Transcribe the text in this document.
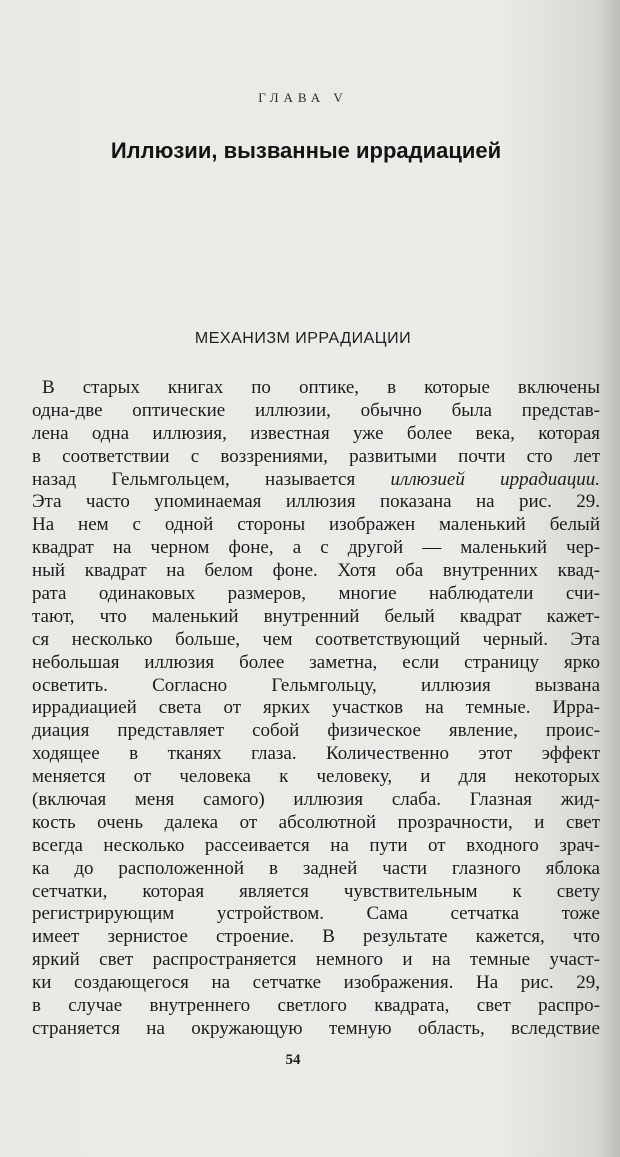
ГЛАВА V
Иллюзии, вызванные иррадиацией
МЕХАНИЗМ ИРРАДИАЦИИ
В старых книгах по оптике, в которые включены
одна-две оптические иллюзии, обычно была представ-
лена одна иллюзия, известная уже более века, которая
в соответствии с воззрениями, развитыми почти сто лет
назад Гельмгольцем, называется иллюзией иррадиации.
Эта часто упоминаемая иллюзия показана на рис. 29.
На нем с одной стороны изображен маленький белый
квадрат на черном фоне, а с другой — маленький чер-
ный квадрат на белом фоне. Хотя оба внутренних квад-
рата одинаковых размеров, многие наблюдатели счи-
тают, что маленький внутренний белый квадрат кажет-
ся несколько больше, чем соответствующий черный. Эта
небольшая иллюзия более заметна, если страницу ярко
осветить. Согласно Гельмгольцу, иллюзия вызвана
иррадиацией света от ярких участков на темные. Ирра-
диация представляет собой физическое явление, проис-
ходящее в тканях глаза. Количественно этот эффект
меняется от человека к человеку, и для некоторых
(включая меня самого) иллюзия слаба. Глазная жид-
кость очень далека от абсолютной прозрачности, и свет
всегда несколько рассеивается на пути от входного зрач-
ка до расположенной в задней части глазного яблока
сетчатки, которая является чувствительным к свету
регистрирующим устройством. Сама сетчатка тоже
имеет зернистое строение. В результате кажется, что
яркий свет распространяется немного и на темные участ-
ки создающегося на сетчатке изображения. На рис. 29,
в случае внутреннего светлого квадрата, свет распро-
страняется на окружающую темную область, вследствие
54
